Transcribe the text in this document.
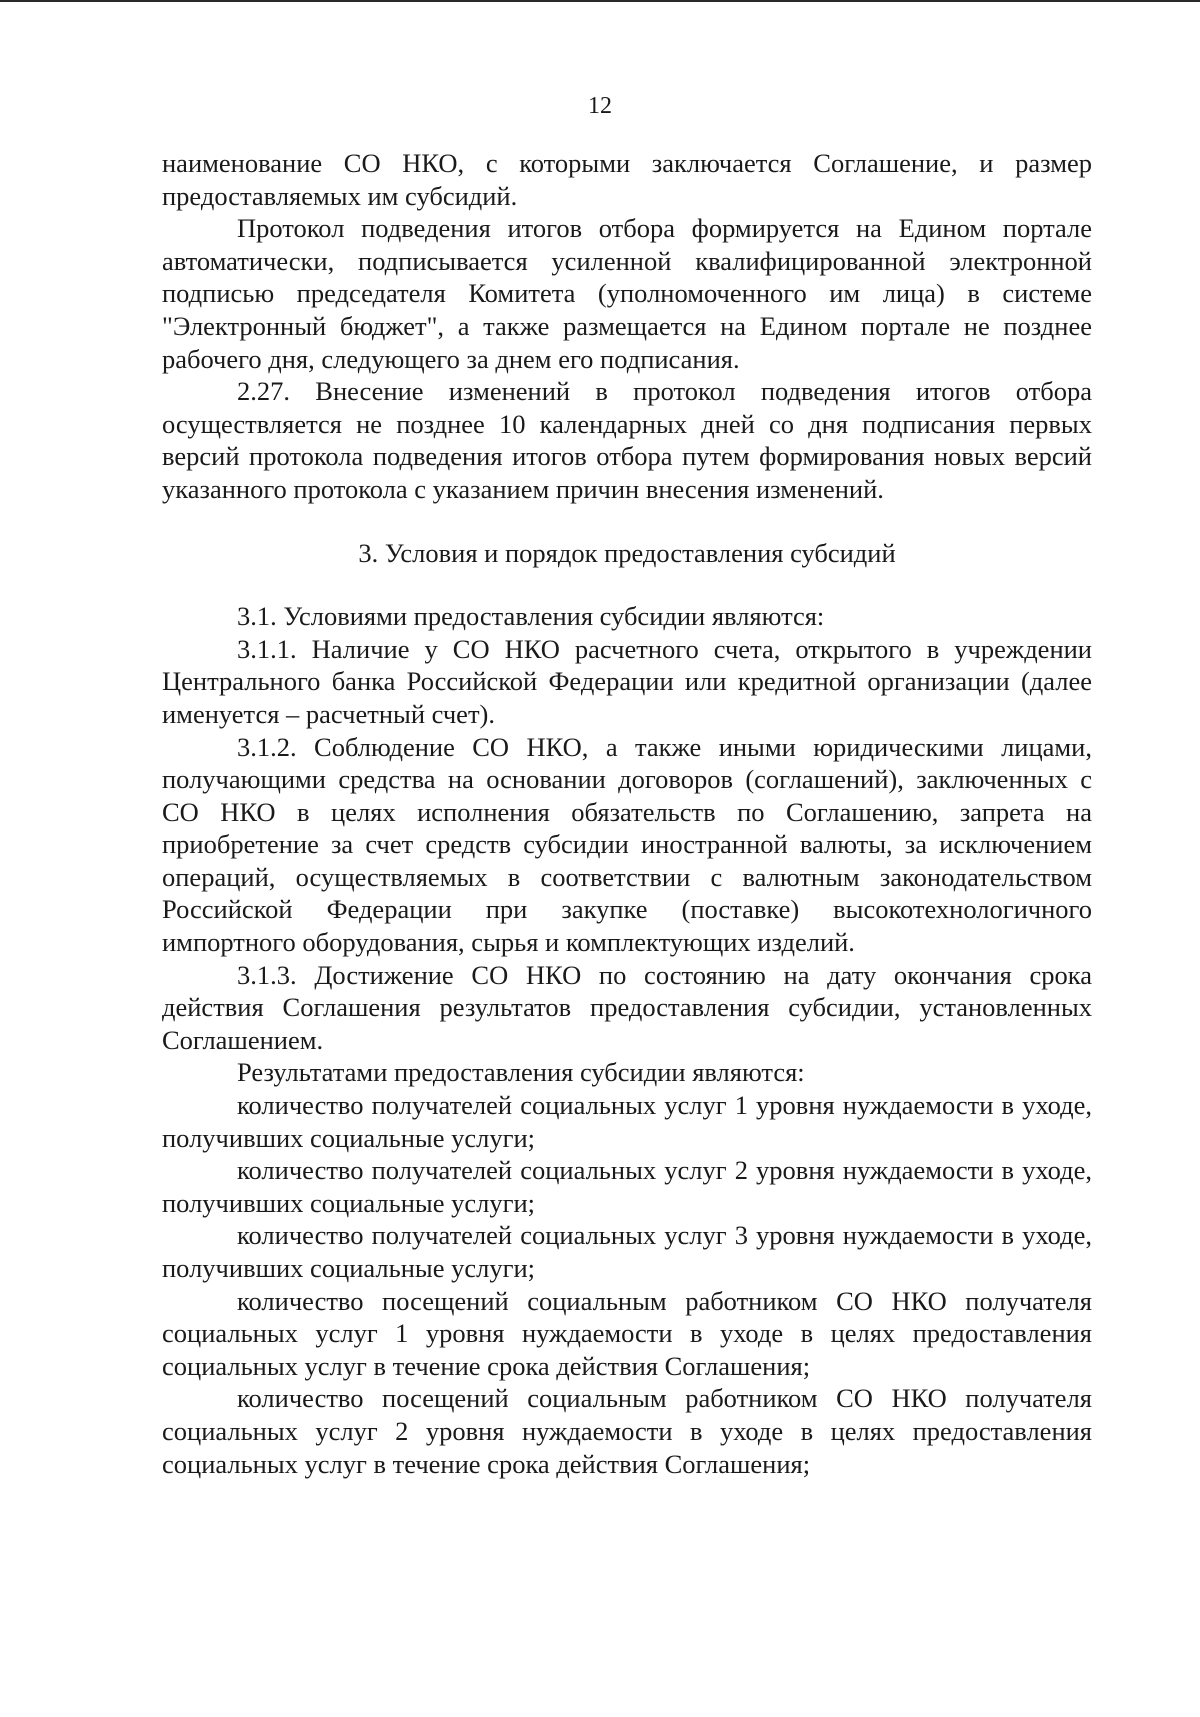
12

наименование СО НКО, с которыми заключается Соглашение, и размер предоставляемых им субсидий.

Протокол подведения итогов отбора формируется на Едином портале автоматически, подписывается усиленной квалифицированной электронной подписью председателя Комитета (уполномоченного им лица) в системе "Электронный бюджет", а также размещается на Едином портале не позднее рабочего дня, следующего за днем его подписания.

2.27. Внесение изменений в протокол подведения итогов отбора осуществляется не позднее 10 календарных дней со дня подписания первых версий протокола подведения итогов отбора путем формирования новых версий указанного протокола с указанием причин внесения изменений.

3. Условия и порядок предоставления субсидий

3.1. Условиями предоставления субсидии являются:

3.1.1. Наличие у СО НКО расчетного счета, открытого в учреждении Центрального банка Российской Федерации или кредитной организации (далее именуется – расчетный счет).

3.1.2. Соблюдение СО НКО, а также иными юридическими лицами, получающими средства на основании договоров (соглашений), заключенных с СО НКО в целях исполнения обязательств по Соглашению, запрета на приобретение за счет средств субсидии иностранной валюты, за исключением операций, осуществляемых в соответствии с валютным законодательством Российской Федерации при закупке (поставке) высокотехнологичного импортного оборудования, сырья и комплектующих изделий.

3.1.3. Достижение СО НКО по состоянию на дату окончания срока действия Соглашения результатов предоставления субсидии, установленных Соглашением.

Результатами предоставления субсидии являются:

количество получателей социальных услуг 1 уровня нуждаемости в уходе, получивших социальные услуги;

количество получателей социальных услуг 2 уровня нуждаемости в уходе, получивших социальные услуги;

количество получателей социальных услуг 3 уровня нуждаемости в уходе, получивших социальные услуги;

количество посещений социальным работником СО НКО получателя социальных услуг 1 уровня нуждаемости в уходе в целях предоставления социальных услуг в течение срока действия Соглашения;

количество посещений социальным работником СО НКО получателя социальных услуг 2 уровня нуждаемости в уходе в целях предоставления социальных услуг в течение срока действия Соглашения;
